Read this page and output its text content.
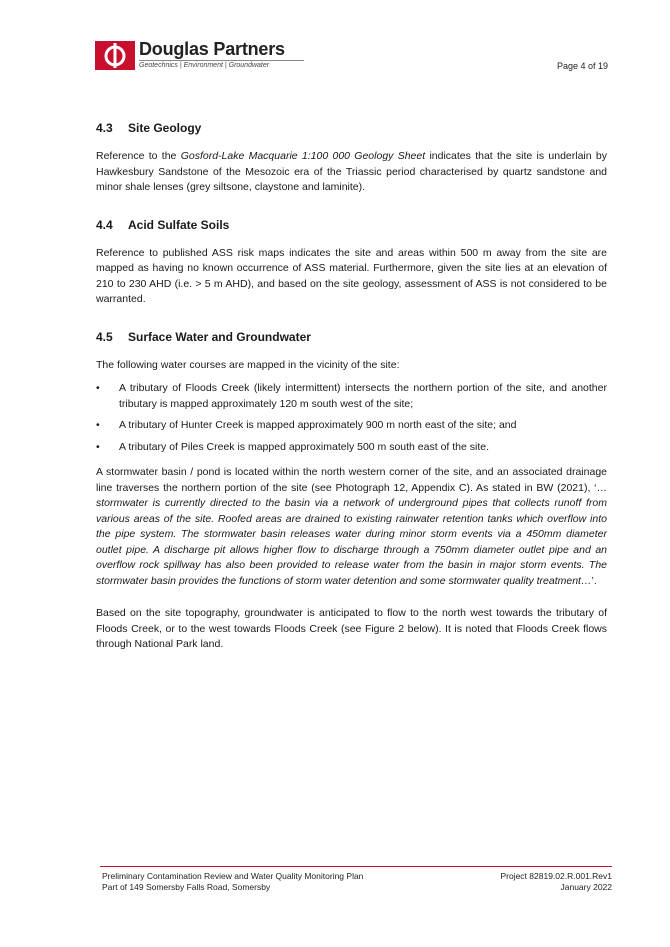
Douglas Partners
Geotechnics | Environment | Groundwater	Page 4 of 19
4.3 Site Geology

Reference to the Gosford-Lake Macquarie 1:100 000 Geology Sheet indicates that the site is underlain by Hawkesbury Sandstone of the Mesozoic era of the Triassic period characterised by quartz sandstone and minor shale lenses (grey siltsone, claystone and laminite).

4.4 Acid Sulfate Soils

Reference to published ASS risk maps indicates the site and areas within 500 m away from the site are mapped as having no known occurrence of ASS material. Furthermore, given the site lies at an elevation of 210 to 230 AHD (i.e. > 5 m AHD), and based on the site geology, assessment of ASS is not considered to be warranted.

4.5 Surface Water and Groundwater

The following water courses are mapped in the vicinity of the site:

• A tributary of Floods Creek (likely intermittent) intersects the northern portion of the site, and another tributary is mapped approximately 120 m south west of the site;
• A tributary of Hunter Creek is mapped approximately 900 m north east of the site; and
• A tributary of Piles Creek is mapped approximately 500 m south east of the site.

A stormwater basin / pond is located within the north western corner of the site, and an associated drainage line traverses the northern portion of the site (see Photograph 12, Appendix C). As stated in BW (2021), ‘…stormwater is currently directed to the basin via a network of underground pipes that collects runoff from various areas of the site. Roofed areas are drained to existing rainwater retention tanks which overflow into the pipe system. The stormwater basin releases water during minor storm events via a 450mm diameter outlet pipe. A discharge pit allows higher flow to discharge through a 750mm diameter outlet pipe and an overflow rock spillway has also been provided to release water from the basin in major storm events. The stormwater basin provides the functions of storm water detention and some stormwater quality treatment…’.

Based on the site topography, groundwater is anticipated to flow to the north west towards the tributary of Floods Creek, or to the west towards Floods Creek (see Figure 2 below). It is noted that Floods Creek flows through National Park land.

Preliminary Contamination Review and Water Quality Monitoring Plan
Part of 149 Somersby Falls Road, Somersby
Project 82819.02.R.001.Rev1
January 2022
